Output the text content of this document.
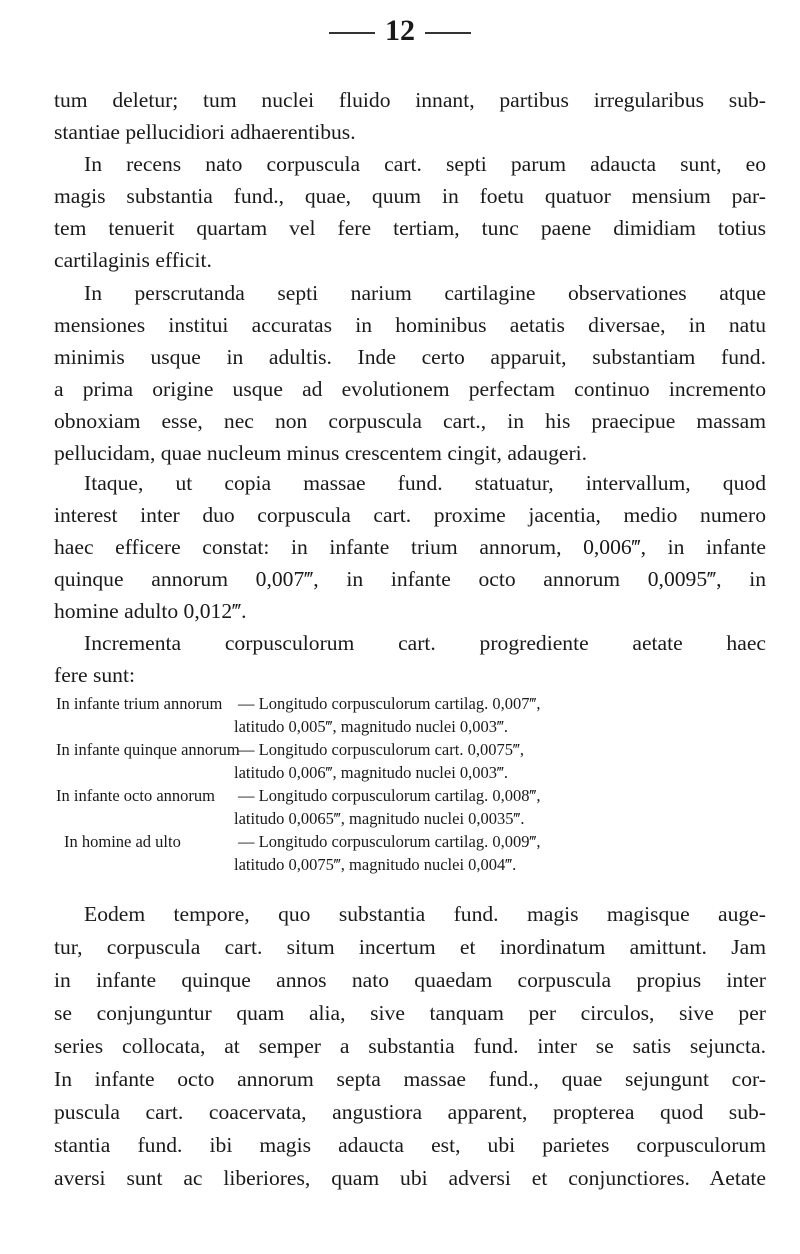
12
tum deletur; tum nuclei fluido innant, partibus irregularibus sub-
stantiae pellucidiori adhaerentibus.
In recens nato corpuscula cart. septi parum adaucta sunt, eo
magis substantia fund., quae, quum in foetu quatuor mensium par-
tem tenuerit quartam vel fere tertiam, tunc paene dimidiam totius
cartilaginis efficit.
In perscrutanda septi narium cartilagine observationes atque
mensiones institui accuratas in hominibus aetatis diversae, in natu
minimis usque in adultis. Inde certo apparuit, substantiam fund.
a prima origine usque ad evolutionem perfectam continuo incremento
obnoxiam esse, nec non corpuscula cart., in his praecipue massam
pellucidam, quae nucleum minus crescentem cingit, adaugeri.
Itaque, ut copia massae fund. statuatur, intervallum, quod
interest inter duo corpuscula cart. proxime jacentia, medio numero
haec efficere constat: in infante trium annorum, 0,006‴, in infante
quinque annorum 0,007‴, in infante octo annorum 0,0095‴, in
homine adulto 0,012‴.
Incrementa corpusculorum cart. progrediente aetate haec
fere sunt:
In infante trium annorum — Longitudo corpusculorum cartilag. 0,007‴,
latitudo 0,005‴, magnitudo nuclei 0,003‴.
In infante quinque annorum— Longitudo corpusculorum cart. 0,0075‴,
latitudo 0,006‴, magnitudo nuclei 0,003‴.
In infante octo annorum — Longitudo corpusculorum cartilag. 0,008‴,
latitudo 0,0065‴, magnitudo nuclei 0,0035‴.
In homine ad ulto	— Longitudo corpusculorum cartilag. 0,009‴,
latitudo 0,0075‴, magnitudo nuclei 0,004‴.
Eodem tempore, quo substantia fund. magis magisque auge-
tur, corpuscula cart. situm incertum et inordinatum amittunt. Jam
in infante quinque annos nato quaedam corpuscula propius inter
se conjunguntur quam alia, sive tanquam per circulos, sive per
series collocata, at semper a substantia fund. inter se satis sejuncta.
In infante octo annorum septa massae fund., quae sejungunt cor-
puscula cart. coacervata, angustiora apparent, propterea quod sub-
stantia fund. ibi magis adaucta est, ubi parietes corpusculorum
aversi sunt ac liberiores, quam ubi adversi et conjunctiores. Aetate
